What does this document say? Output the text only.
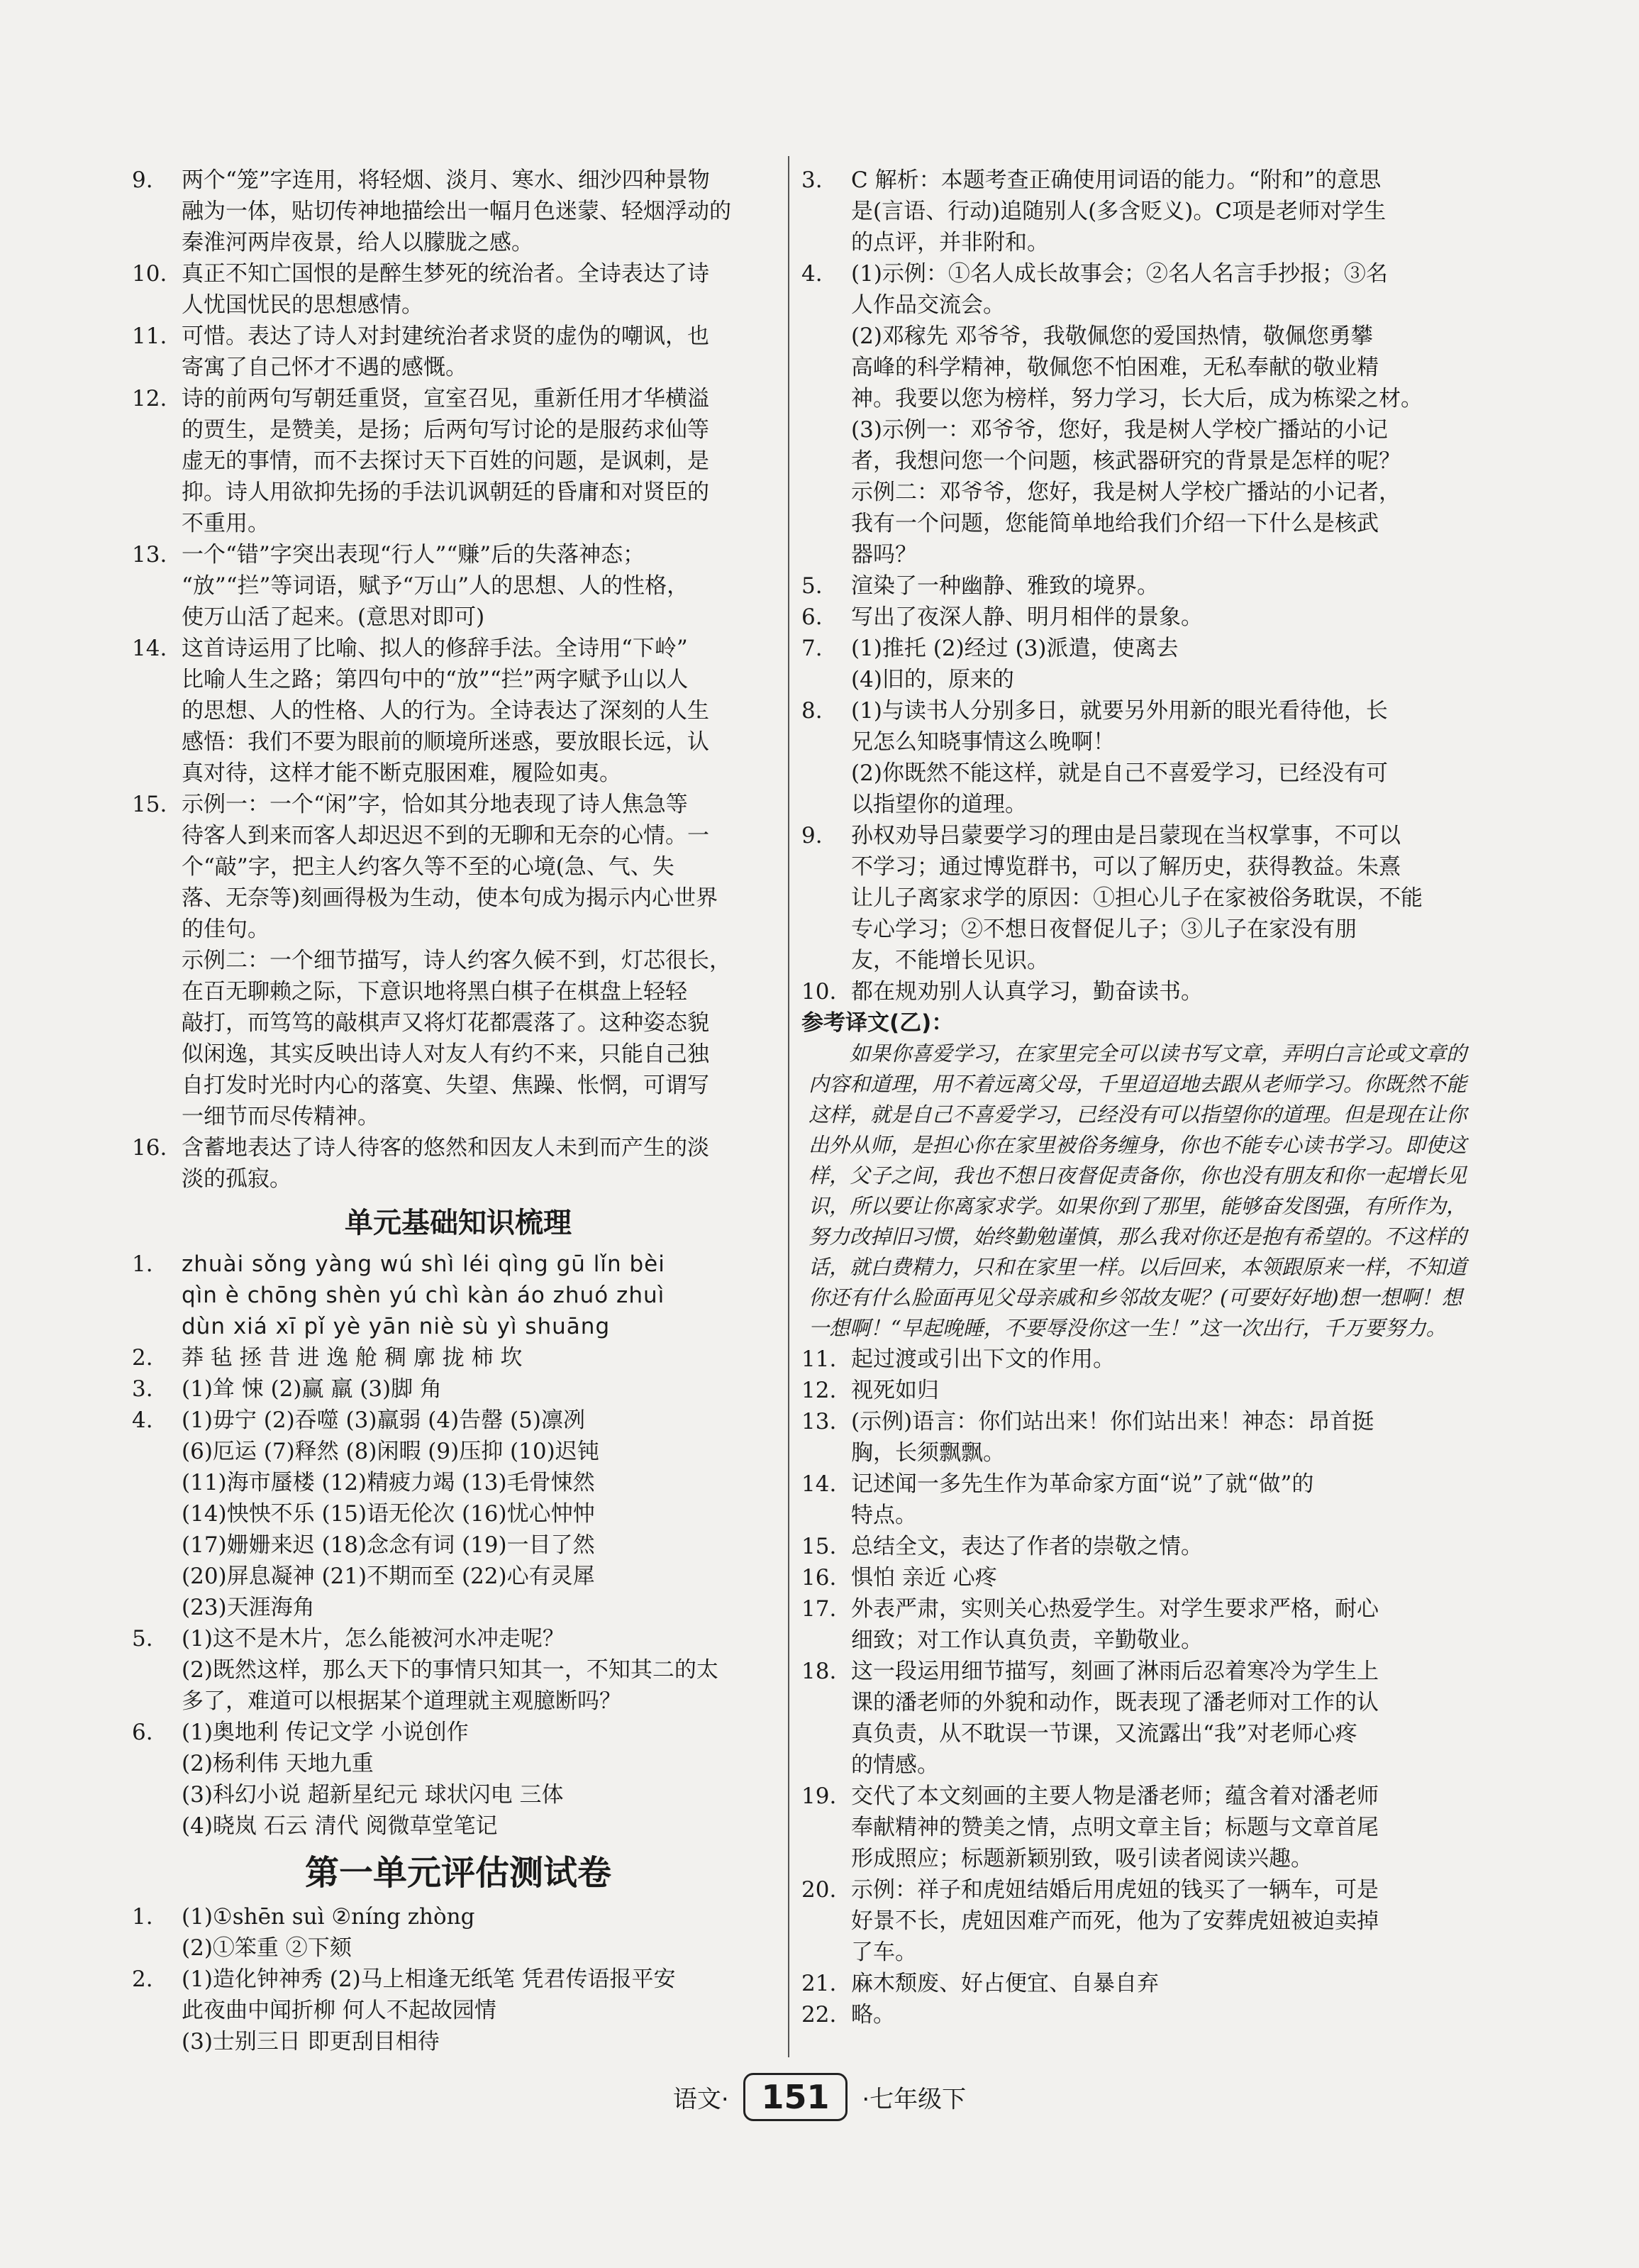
9.	两个“笼”字连用，将轻烟、淡月、寒水、细沙四种景物
融为一体，贴切传神地描绘出一幅月色迷蒙、轻烟浮动的
秦淮河两岸夜景，给人以朦胧之感。
10. 真正不知亡国恨的是醉生梦死的统治者。全诗表达了诗
人忧国忧民的思想感情。
11. 可惜。表达了诗人对封建统治者求贤的虚伪的嘲讽，也
寄寓了自己怀才不遇的感慨。
12. 诗的前两句写朝廷重贤，宣室召见，重新任用才华横溢
的贾生，是赞美，是扬；后两句写讨论的是服药求仙等
虚无的事情，而不去探讨天下百姓的问题，是讽刺，是
抑。诗人用欲抑先扬的手法讥讽朝廷的昏庸和对贤臣的
不重用。
13. 一个“错”字突出表现“行人”“赚”后的失落神态；
“放”“拦”等词语，赋予“万山”人的思想、人的性格，
使万山活了起来。(意思对即可)
14. 这首诗运用了比喻、拟人的修辞手法。全诗用“下岭”
比喻人生之路；第四句中的“放”“拦”两字赋予山以人
的思想、人的性格、人的行为。全诗表达了深刻的人生
感悟：我们不要为眼前的顺境所迷惑，要放眼长远，认
真对待，这样才能不断克服困难，履险如夷。
15. 示例一：一个“闲”字，恰如其分地表现了诗人焦急等
待客人到来而客人却迟迟不到的无聊和无奈的心情。一
个“敲”字，把主人约客久等不至的心境(急、气、失
落、无奈等)刻画得极为生动，使本句成为揭示内心世界
的佳句。
示例二：一个细节描写，诗人约客久候不到，灯芯很长，
在百无聊赖之际，下意识地将黑白棋子在棋盘上轻轻
敲打，而笃笃的敲棋声又将灯花都震落了。这种姿态貌
似闲逸，其实反映出诗人对友人有约不来，只能自己独
自打发时光时内心的落寞、失望、焦躁、怅惘，可谓写
一细节而尽传精神。
16. 含蓄地表达了诗人待客的悠然和因友人未到而产生的淡
淡的孤寂。
单元基础知识梳理
1.	zhuài sǒng yàng wú shì léi qìng gū lǐn bèi
qìn è chōng shèn yú chì kàn áo zhuó zhuì
dùn xiá xī pǐ yè yān niè sù yì shuāng
2.	莽 毡 拯 昔 进 逸 舱 稠 廓 拢 柿 坎
3.	(1)耸 悚 (2)赢 羸 (3)脚 角
4.	(1)毋宁 (2)吞噬 (3)羸弱 (4)告罄 (5)凛冽
(6)厄运 (7)释然 (8)闲暇 (9)压抑 (10)迟钝
(11)海市蜃楼 (12)精疲力竭 (13)毛骨悚然
(14)怏怏不乐 (15)语无伦次 (16)忧心忡忡
(17)姗姗来迟 (18)念念有词 (19)一目了然
(20)屏息凝神 (21)不期而至 (22)心有灵犀
(23)天涯海角
5.	(1)这不是木片，怎么能被河水冲走呢？
(2)既然这样，那么天下的事情只知其一，不知其二的太
多了，难道可以根据某个道理就主观臆断吗？
6.	(1)奥地利 传记文学 小说创作
(2)杨利伟 天地九重
(3)科幻小说 超新星纪元 球状闪电 三体
(4)晓岚 石云 清代 阅微草堂笔记
第一单元评估测试卷
1.	(1)①shēn suì ②níng zhòng
(2)①笨重 ②下颏
2.	(1)造化钟神秀 (2)马上相逢无纸笔 凭君传语报平安
此夜曲中闻折柳 何人不起故园情
(3)士别三日 即更刮目相待
3.	C 解析：本题考查正确使用词语的能力。“附和”的意思
是(言语、行动)追随别人(多含贬义)。C项是老师对学生
的点评，并非附和。
4.	(1)示例：①名人成长故事会；②名人名言手抄报；③名
人作品交流会。
(2)邓稼先 邓爷爷，我敬佩您的爱国热情，敬佩您勇攀
高峰的科学精神，敬佩您不怕困难，无私奉献的敬业精
神。我要以您为榜样，努力学习，长大后，成为栋梁之材。
(3)示例一：邓爷爷，您好，我是树人学校广播站的小记
者，我想问您一个问题，核武器研究的背景是怎样的呢？
示例二：邓爷爷，您好，我是树人学校广播站的小记者，
我有一个问题，您能简单地给我们介绍一下什么是核武
器吗？
5.	渲染了一种幽静、雅致的境界。
6.	写出了夜深人静、明月相伴的景象。
7.	(1)推托 (2)经过 (3)派遣，使离去
(4)旧的，原来的
8.	(1)与读书人分别多日，就要另外用新的眼光看待他，长
兄怎么知晓事情这么晚啊！
(2)你既然不能这样，就是自己不喜爱学习，已经没有可
以指望你的道理。
9.	孙权劝导吕蒙要学习的理由是吕蒙现在当权掌事，不可以
不学习；通过博览群书，可以了解历史，获得教益。朱熹
让儿子离家求学的原因：①担心儿子在家被俗务耽误，不能
专心学习；②不想日夜督促儿子；③儿子在家没有朋
友，不能增长见识。
10. 都在规劝别人认真学习，勤奋读书。
参考译文(乙)：
如果你喜爱学习，在家里完全可以读书写文章，弄明白言论或文章的内容和道理，用不着远离父母，千里迢迢地去跟从老师学习。你既然不能这样，就是自己不喜爱学习，已经没有可以指望你的道理。但是现在让你出外从师，是担心你在家里被俗务缠身，你也不能专心读书学习。即使这样，父子之间，我也不想日夜督促责备你，你也没有朋友和你一起增长见识，所以要让你离家求学。如果你到了那里，能够奋发图强，有所作为，努力改掉旧习惯，始终勤勉谨慎，那么我对你还是抱有希望的。不这样的话，就白费精力，只和在家里一样。以后回来，本领跟原来一样，不知道你还有什么脸面再见父母亲戚和乡邻故友呢？(可要好好地)想一想啊！想一想啊！“早起晚睡，不要辱没你这一生！”这一次出行，千万要努力。
11. 起过渡或引出下文的作用。
12. 视死如归
13. (示例)语言：你们站出来！你们站出来！神态：昂首挺
胸，长须飘飘。
14. 记述闻一多先生作为革命家方面“说”了就“做”的
特点。
15. 总结全文，表达了作者的崇敬之情。
16. 惧怕 亲近 心疼
17. 外表严肃，实则关心热爱学生。对学生要求严格，耐心
细致；对工作认真负责，辛勤敬业。
18. 这一段运用细节描写，刻画了淋雨后忍着寒冷为学生上
课的潘老师的外貌和动作，既表现了潘老师对工作的认
真负责，从不耽误一节课，又流露出“我”对老师心疼
的情感。
19. 交代了本文刻画的主要人物是潘老师；蕴含着对潘老师
奉献精神的赞美之情，点明文章主旨；标题与文章首尾
形成照应；标题新颖别致，吸引读者阅读兴趣。
20. 示例：祥子和虎妞结婚后用虎妞的钱买了一辆车，可是
好景不长，虎妞因难产而死，他为了安葬虎妞被迫卖掉
了车。
21. 麻木颓废、好占便宜、自暴自弃
22. 略。
语文· 151 ·七年级下
